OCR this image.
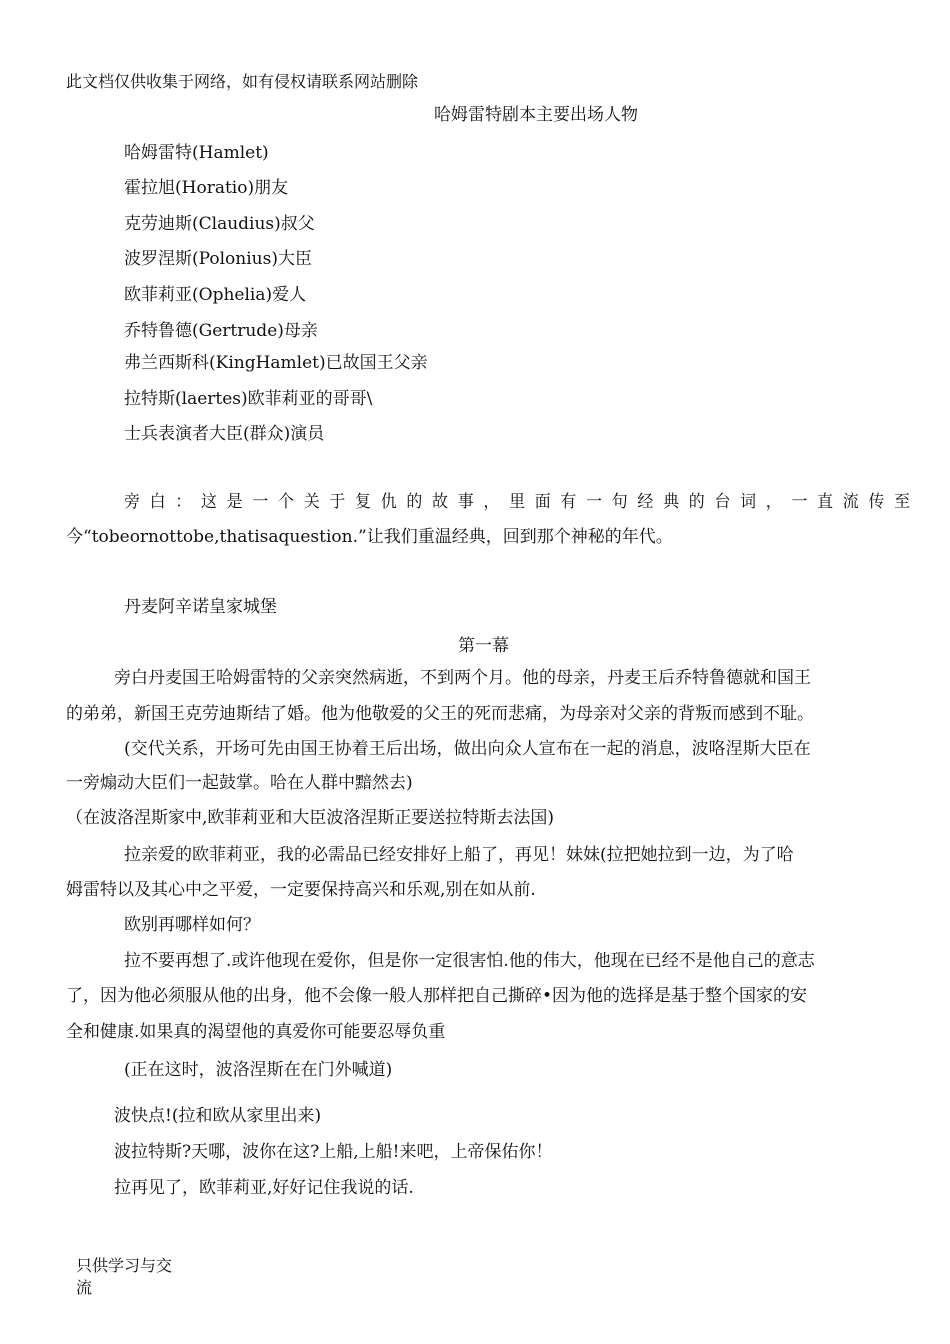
此文档仅供收集于网络，如有侵权请联系网站删除
哈姆雷特剧本主要出场人物
哈姆雷特(Hamlet)
霍拉旭(Horatio)朋友
克劳迪斯(Claudius)叔父
波罗涅斯(Polonius)大臣
欧菲莉亚(Ophelia)爱人
乔特鲁德(Gertrude)母亲
弗兰西斯科(KingHamlet)已故国王父亲
拉特斯(laertes)欧菲莉亚的哥哥\
士兵表演者大臣(群众)演员
旁 白 ： 这 是 一 个 关 于 复 仇 的 故 事 ， 里 面 有 一 句 经 典 的 台 词 ， 一 直 流 传 至
今“tobeornottobe,thatisaquestion.”让我们重温经典，回到那个神秘的年代。
丹麦阿辛诺皇家城堡
第一幕
旁白丹麦国王哈姆雷特的父亲突然病逝，不到两个月。他的母亲，丹麦王后乔特鲁德就和国王
的弟弟，新国王克劳迪斯结了婚。他为他敬爱的父王的死而悲痛，为母亲对父亲的背叛而感到不耻。
(交代关系，开场可先由国王协着王后出场，做出向众人宣布在一起的消息，波咯涅斯大臣在
一旁煽动大臣们一起鼓掌。哈在人群中黯然去)
（在波洛涅斯家中,欧菲莉亚和大臣波洛涅斯正要送拉特斯去法国)
拉亲爱的欧菲莉亚，我的必需品已经安排好上船了，再见！妹妹(拉把她拉到一边，为了哈
姆雷特以及其心中之平爱，一定要保持高兴和乐观,别在如从前.
欧别再哪样如何？
拉不要再想了.或许他现在爱你，但是你一定很害怕.他的伟大，他现在已经不是他自己的意志
了，因为他必须服从他的出身，他不会像一般人那样把自己撕碎•因为他的选择是基于整个国家的安
全和健康.如果真的渴望他的真爱你可能要忍辱负重
(正在这时，波洛涅斯在在门外喊道)
波快点!(拉和欧从家里出来)
波拉特斯?天哪，波你在这?上船,上船!来吧，上帝保佑你！
拉再见了，欧菲莉亚,好好记住我说的话.
只供学习与交流
